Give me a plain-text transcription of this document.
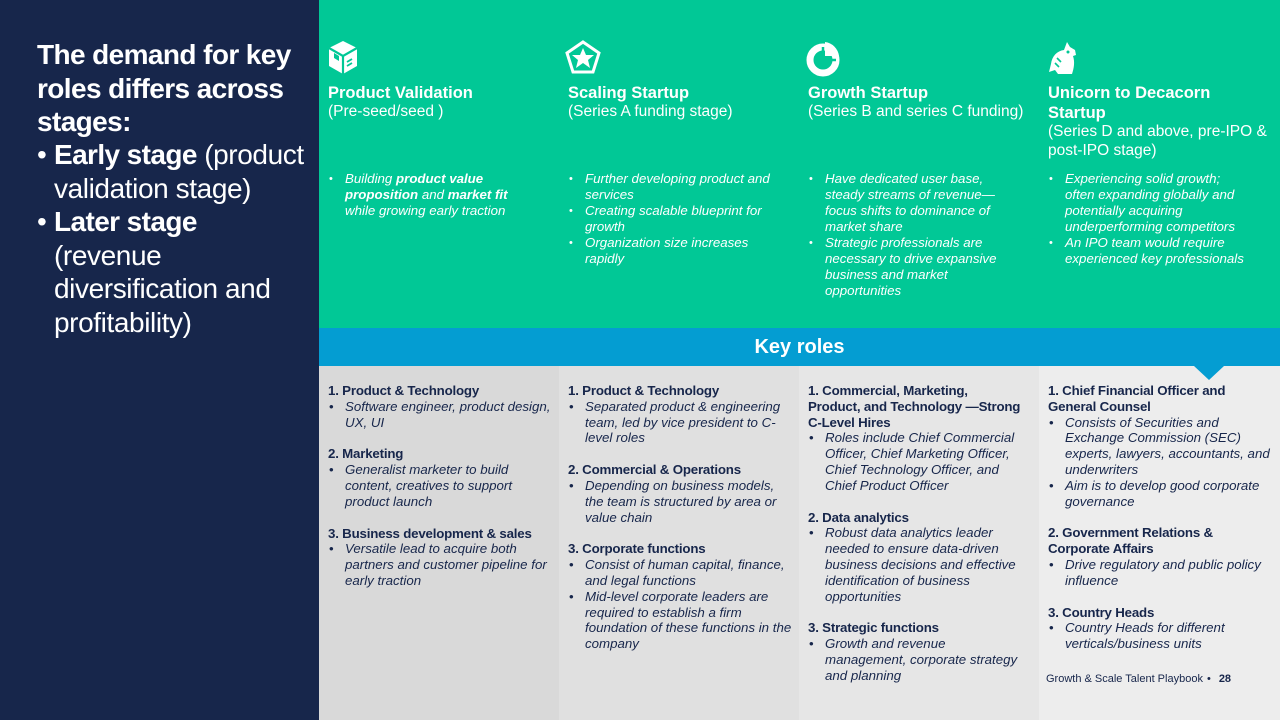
The demand for key roles differs across stages:
• Early stage (product validation stage)
• Later stage (revenue diversification and profitability)
Product Validation
(Pre-seed/seed )
• Building product value proposition and market fit while growing early traction
Scaling Startup
(Series A funding stage)
• Further developing product and services
• Creating scalable blueprint for growth
• Organization size increases rapidly
Growth Startup
(Series B and series C funding)
• Have dedicated user base, steady streams of revenue—focus shifts to dominance of market share
• Strategic professionals are necessary to drive expansive business and market opportunities
Unicorn to Decacorn Startup
(Series D and above, pre-IPO & post-IPO stage)
• Experiencing solid growth; often expanding globally and potentially acquiring underperforming competitors
• An IPO team would require experienced key professionals
Key roles
1. Product & Technology
• Software engineer, product design, UX, UI
2. Marketing
• Generalist marketer to build content, creatives to support product launch
3. Business development & sales
• Versatile lead to acquire both partners and customer pipeline for early traction
1. Product & Technology
• Separated product & engineering team, led by vice president to C-level roles
2. Commercial & Operations
• Depending on business models, the team is structured by area or value chain
3. Corporate functions
• Consist of human capital, finance, and legal functions
• Mid-level corporate leaders are required to establish a firm foundation of these functions in the company
1. Commercial, Marketing, Product, and Technology —Strong C-Level Hires
• Roles include Chief Commercial Officer, Chief Marketing Officer, Chief Technology Officer, and Chief Product Officer
2. Data analytics
• Robust data analytics leader needed to ensure data-driven business decisions and effective identification of business opportunities
3. Strategic functions
• Growth and revenue management, corporate strategy and planning
1. Chief Financial Officer and General Counsel
• Consists of Securities and Exchange Commission (SEC) experts, lawyers, accountants, and underwriters
• Aim is to develop good corporate governance
2. Government Relations & Corporate Affairs
• Drive regulatory and public policy influence
3. Country Heads
• Country Heads for different verticals/business units
Growth & Scale Talent Playbook • 28
